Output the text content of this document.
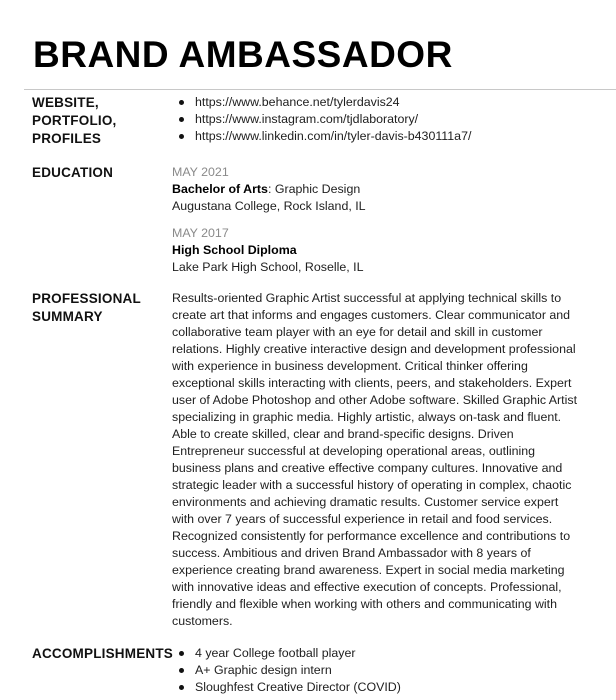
BRAND AMBASSADOR
WEBSITE,
PORTFOLIO,
PROFILES
https://www.behance.net/tylerdavis24
https://www.instagram.com/tjdlaboratory/
https://www.linkedin.com/in/tyler-davis-b430111a7/
EDUCATION	MAY 2021
Bachelor of Arts: Graphic Design
Augustana College, Rock Island, IL
MAY 2017
High School Diploma
Lake Park High School, Roselle, IL
PROFESSIONAL
SUMMARY
Results-oriented Graphic Artist successful at applying technical skills to create art that informs and engages customers. Clear communicator and collaborative team player with an eye for detail and skill in customer relations. Highly creative interactive design and development professional with experience in business development. Critical thinker offering exceptional skills interacting with clients, peers, and stakeholders. Expert user of Adobe Photoshop and other Adobe software. Skilled Graphic Artist specializing in graphic media. Highly artistic, always on-task and fluent. Able to create skilled, clear and brand-specific designs. Driven Entrepreneur successful at developing operational areas, outlining business plans and creative effective company cultures. Innovative and strategic leader with a successful history of operating in complex, chaotic environments and achieving dramatic results. Customer service expert with over 7 years of successful experience in retail and food services. Recognized consistently for performance excellence and contributions to success. Ambitious and driven Brand Ambassador with 8 years of experience creating brand awareness. Expert in social media marketing with innovative ideas and effective execution of concepts. Professional, friendly and flexible when working with others and communicating with customers.
ACCOMPLISHMENTS	4 year College football player
A+ Graphic design intern
Sloughfest Creative Director (COVID)
